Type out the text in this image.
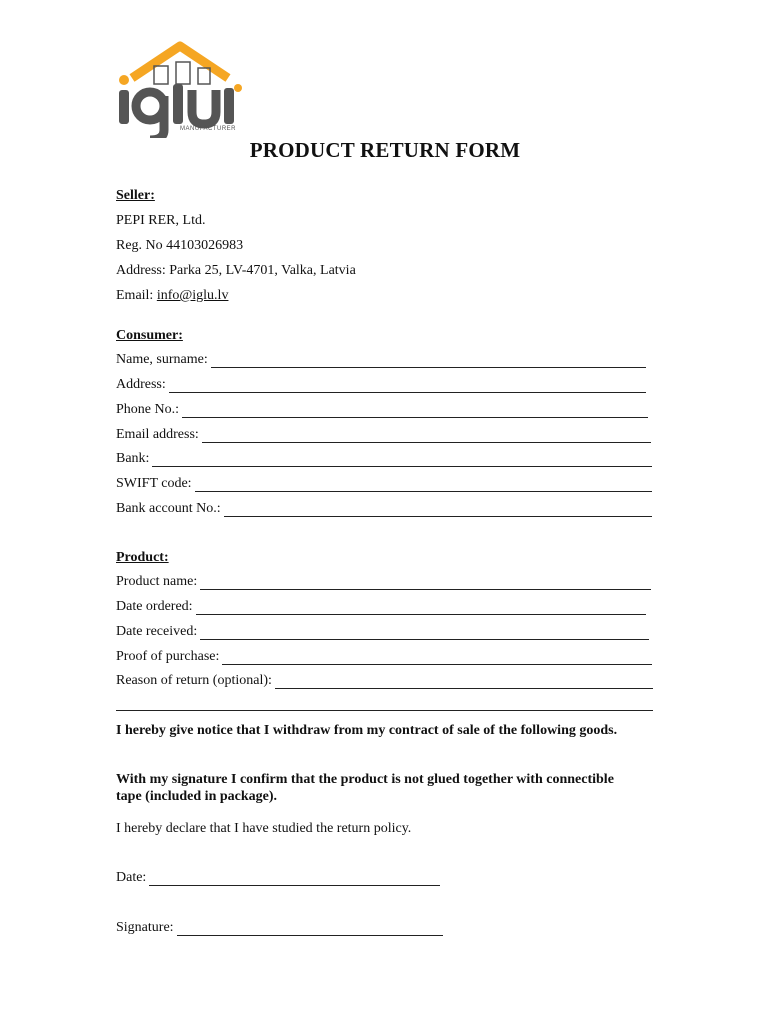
MANUFACTURER
PRODUCT RETURN FORM
Seller:
PEPI RER, Ltd.
Reg. No 44103026983
Address: Parka 25, LV-4701, Valka, Latvia
Email: info@iglu.lv
Consumer:
Name, surname:
Address:
Phone No.:
Email address:
Bank:
SWIFT code:
Bank account No.:
Product:
Product name:
Date ordered:
Date received:
Proof of purchase:
Reason of return (optional):
I hereby give notice that I withdraw from my contract of sale of the following goods.
With my signature I confirm that the product is not glued together with connectible tape (included in package).
I hereby declare that I have studied the return policy.
Date:
Signature:
